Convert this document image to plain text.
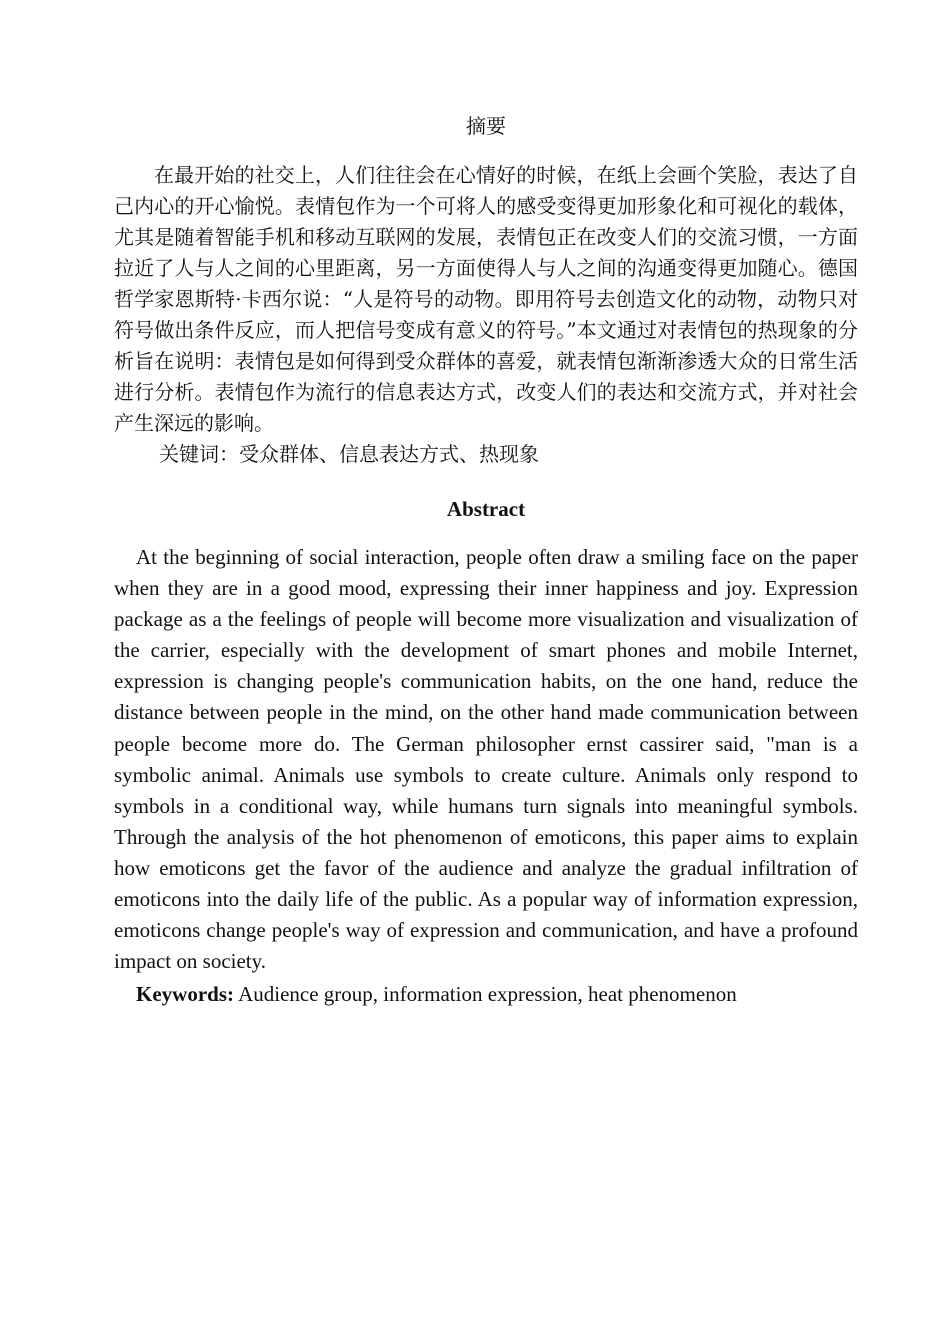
摘要

在最开始的社交上，人们往往会在心情好的时候，在纸上会画个笑脸，表达了自己内心的开心愉悦。表情包作为一个可将人的感受变得更加形象化和可视化的载体，尤其是随着智能手机和移动互联网的发展，表情包正在改变人们的交流习惯，一方面拉近了人与人之间的心里距离，另一方面使得人与人之间的沟通变得更加随心。德国哲学家恩斯特·卡西尔说：“人是符号的动物。即用符号去创造文化的动物，动物只对符号做出条件反应，而人把信号变成有意义的符号。”本文通过对表情包的热现象的分析旨在说明：表情包是如何得到受众群体的喜爱，就表情包渐渐渗透大众的日常生活进行分析。表情包作为流行的信息表达方式，改变人们的表达和交流方式，并对社会产生深远的影响。

关键词：受众群体、信息表达方式、热现象

Abstract

At the beginning of social interaction, people often draw a smiling face on the paper when they are in a good mood, expressing their inner happiness and joy. Expression package as a the feelings of people will become more visualization and visualization of the carrier, especially with the development of smart phones and mobile Internet, expression is changing people's communication habits, on the one hand, reduce the distance between people in the mind, on the other hand made communication between people become more do. The German philosopher ernst cassirer said, "man is a symbolic animal. Animals use symbols to create culture. Animals only respond to symbols in a conditional way, while humans turn signals into meaningful symbols. Through the analysis of the hot phenomenon of emoticons, this paper aims to explain how emoticons get the favor of the audience and analyze the gradual infiltration of emoticons into the daily life of the public. As a popular way of information expression, emoticons change people's way of expression and communication, and have a profound impact on society.

Keywords: Audience group, information expression, heat phenomenon
